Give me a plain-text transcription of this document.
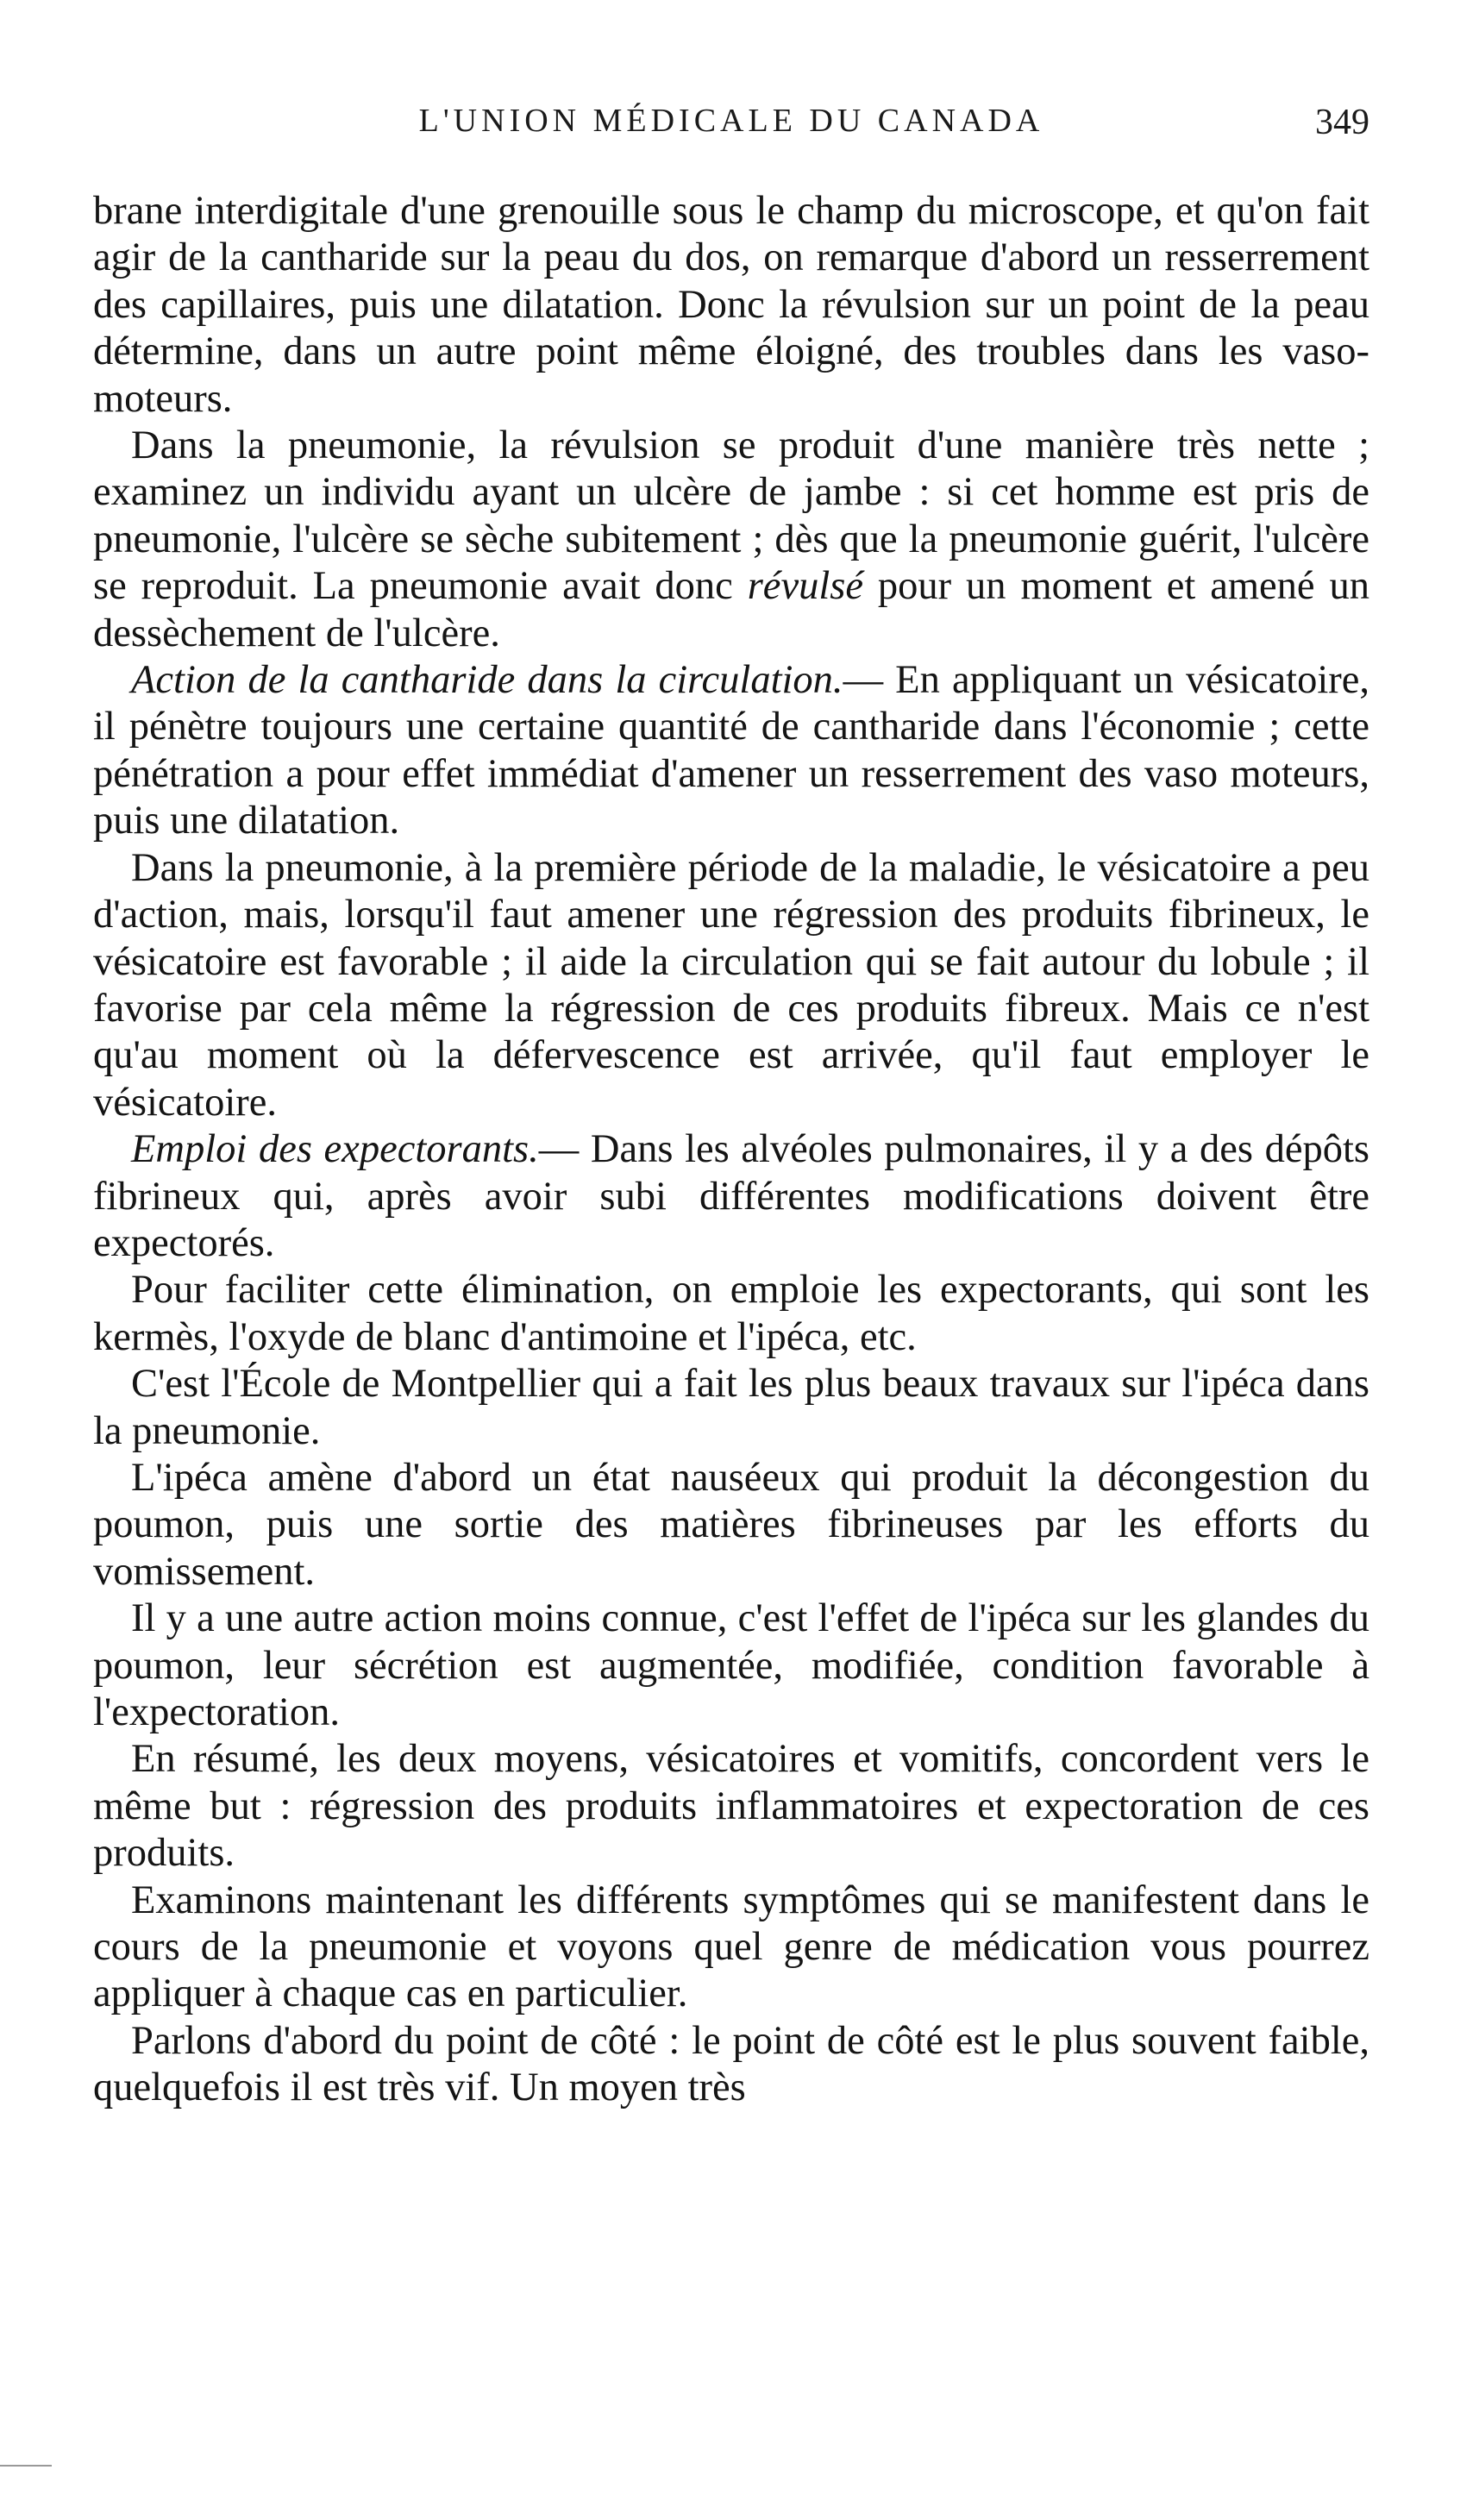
L'UNION MÉDICALE DU CANADA	349

brane interdigitale d'une grenouille sous le champ du microscope, et qu'on fait agir de la cantharide sur la peau du dos, on remarque d'abord un resserrement des capillaires, puis une dilatation. Donc la révulsion sur un point de la peau détermine, dans un autre point même éloigné, des troubles dans les vaso-moteurs.

Dans la pneumonie, la révulsion se produit d'une manière très nette ; examinez un individu ayant un ulcère de jambe : si cet homme est pris de pneumonie, l'ulcère se sèche subitement ; dès que la pneumonie guérit, l'ulcère se reproduit. La pneumonie avait donc révulsé pour un moment et amené un dessèchement de l'ulcère.

Action de la cantharide dans la circulation.— En appliquant un vésicatoire, il pénètre toujours une certaine quantité de cantharide dans l'économie ; cette pénétration a pour effet immédiat d'amener un resserrement des vaso moteurs, puis une dilatation.

Dans la pneumonie, à la première période de la maladie, le vésicatoire a peu d'action, mais, lorsqu'il faut amener une régression des produits fibrineux, le vésicatoire est favorable ; il aide la circulation qui se fait autour du lobule ; il favorise par cela même la régression de ces produits fibreux. Mais ce n'est qu'au moment où la défervescence est arrivée, qu'il faut employer le vésicatoire.

Emploi des expectorants.— Dans les alvéoles pulmonaires, il y a des dépôts fibrineux qui, après avoir subi différentes modifications doivent être expectorés.

Pour faciliter cette élimination, on emploie les expectorants, qui sont les kermès, l'oxyde de blanc d'antimoine et l'ipéca, etc.

C'est l'École de Montpellier qui a fait les plus beaux travaux sur l'ipéca dans la pneumonie.

L'ipéca amène d'abord un état nauséeux qui produit la décongestion du poumon, puis une sortie des matières fibrineuses par les efforts du vomissement.

Il y a une autre action moins connue, c'est l'effet de l'ipéca sur les glandes du poumon, leur sécrétion est augmentée, modifiée, condition favorable à l'expectoration.

En résumé, les deux moyens, vésicatoires et vomitifs, concordent vers le même but : régression des produits inflammatoires et expectoration de ces produits.

Examinons maintenant les différents symptômes qui se manifestent dans le cours de la pneumonie et voyons quel genre de médication vous pourrez appliquer à chaque cas en particulier.

Parlons d'abord du point de côté : le point de côté est le plus souvent faible, quelquefois il est très vif. Un moyen très
